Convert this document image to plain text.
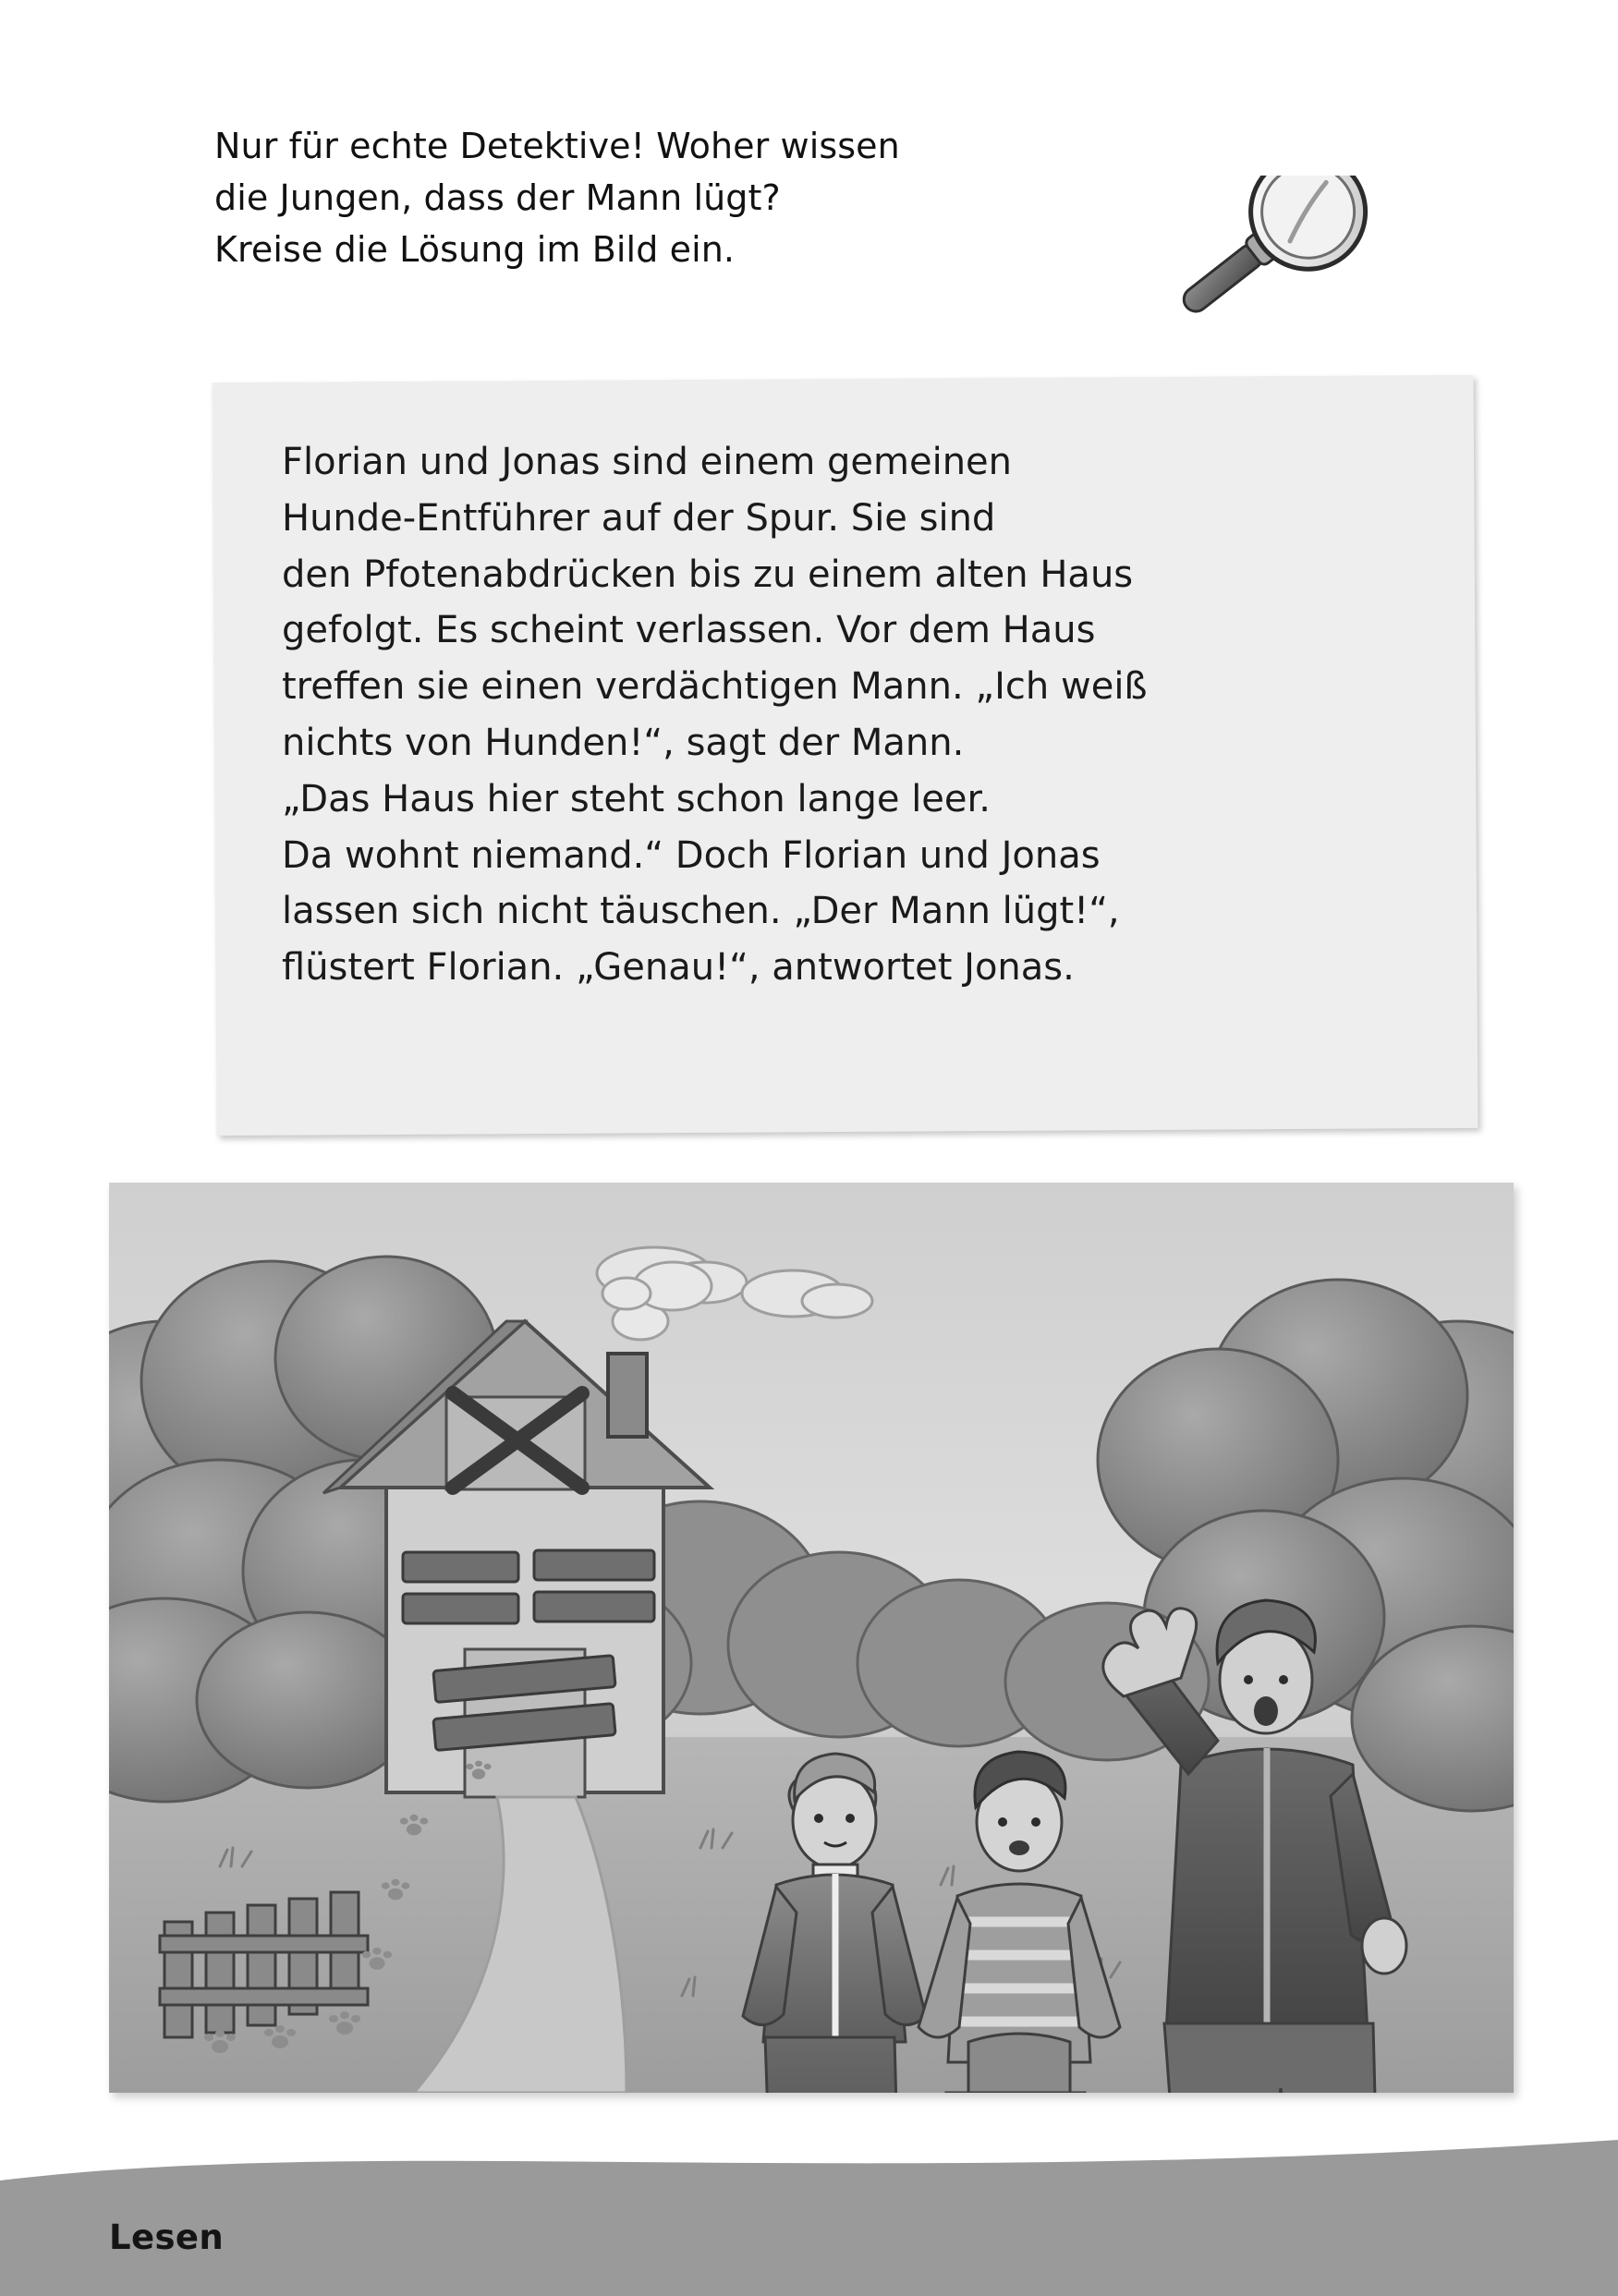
Nur für echte Detektive! Woher wissen
die Jungen, dass der Mann lügt?
Kreise die Lösung im Bild ein.
Florian und Jonas sind einem gemeinen
Hunde-Entführer auf der Spur. Sie sind
den Pfotenabdrücken bis zu einem alten Haus
gefolgt. Es scheint verlassen. Vor dem Haus
treffen sie einen verdächtigen Mann. „Ich weiß
nichts von Hunden!“, sagt der Mann.
„Das Haus hier steht schon lange leer.
Da wohnt niemand.“ Doch Florian und Jonas
lassen sich nicht täuschen. „Der Mann lügt!“,
flüstert Florian. „Genau!“, antwortet Jonas.
Lesen
